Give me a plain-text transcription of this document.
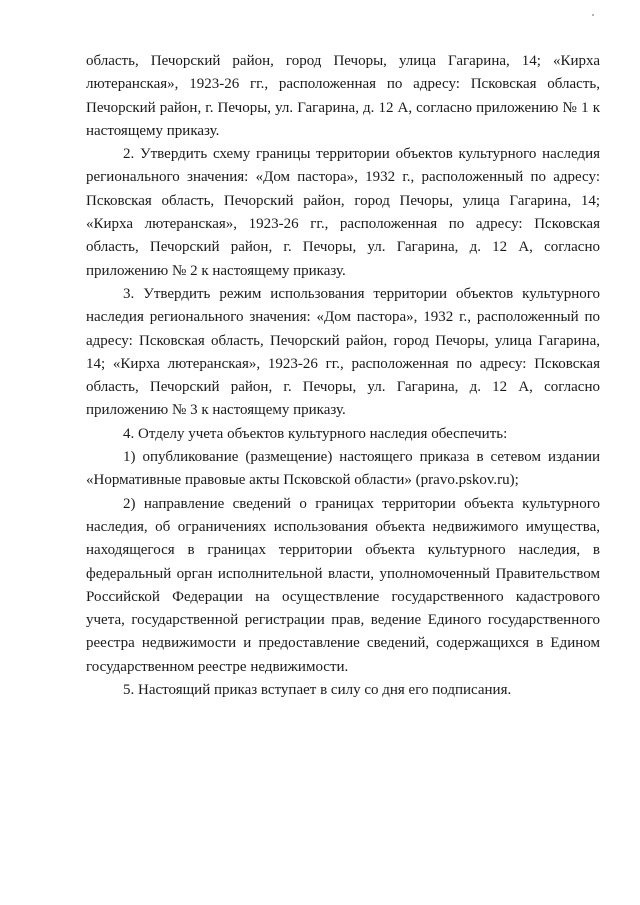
область, Печорский район, город Печоры, улица Гагарина, 14; «Кирха лютеранская», 1923-26 гг., расположенная по адресу: Псковская область, Печорский район, г. Печоры, ул. Гагарина, д. 12 А, согласно приложению № 1 к настоящему приказу.

2. Утвердить схему границы территории объектов культурного наследия регионального значения: «Дом пастора», 1932 г., расположенный по адресу: Псковская область, Печорский район, город Печоры, улица Гагарина, 14; «Кирха лютеранская», 1923-26 гг., расположенная по адресу: Псковская область, Печорский район, г. Печоры, ул. Гагарина, д. 12 А, согласно приложению № 2 к настоящему приказу.

3. Утвердить режим использования территории объектов культурного наследия регионального значения: «Дом пастора», 1932 г., расположенный по адресу: Псковская область, Печорский район, город Печоры, улица Гагарина, 14; «Кирха лютеранская», 1923-26 гг., расположенная по адресу: Псковская область, Печорский район, г. Печоры, ул. Гагарина, д. 12 А, согласно приложению № 3 к настоящему приказу.

4. Отделу учета объектов культурного наследия обеспечить:

1) опубликование (размещение) настоящего приказа в сетевом издании «Нормативные правовые акты Псковской области» (pravo.pskov.ru);

2) направление сведений о границах территории объекта культурного наследия, об ограничениях использования объекта недвижимого имущества, находящегося в границах территории объекта культурного наследия, в федеральный орган исполнительной власти, уполномоченный Правительством Российской Федерации на осуществление государственного кадастрового учета, государственной регистрации прав, ведение Единого государственного реестра недвижимости и предоставление сведений, содержащихся в Едином государственном реестре недвижимости.

5. Настоящий приказ вступает в силу со дня его подписания.
